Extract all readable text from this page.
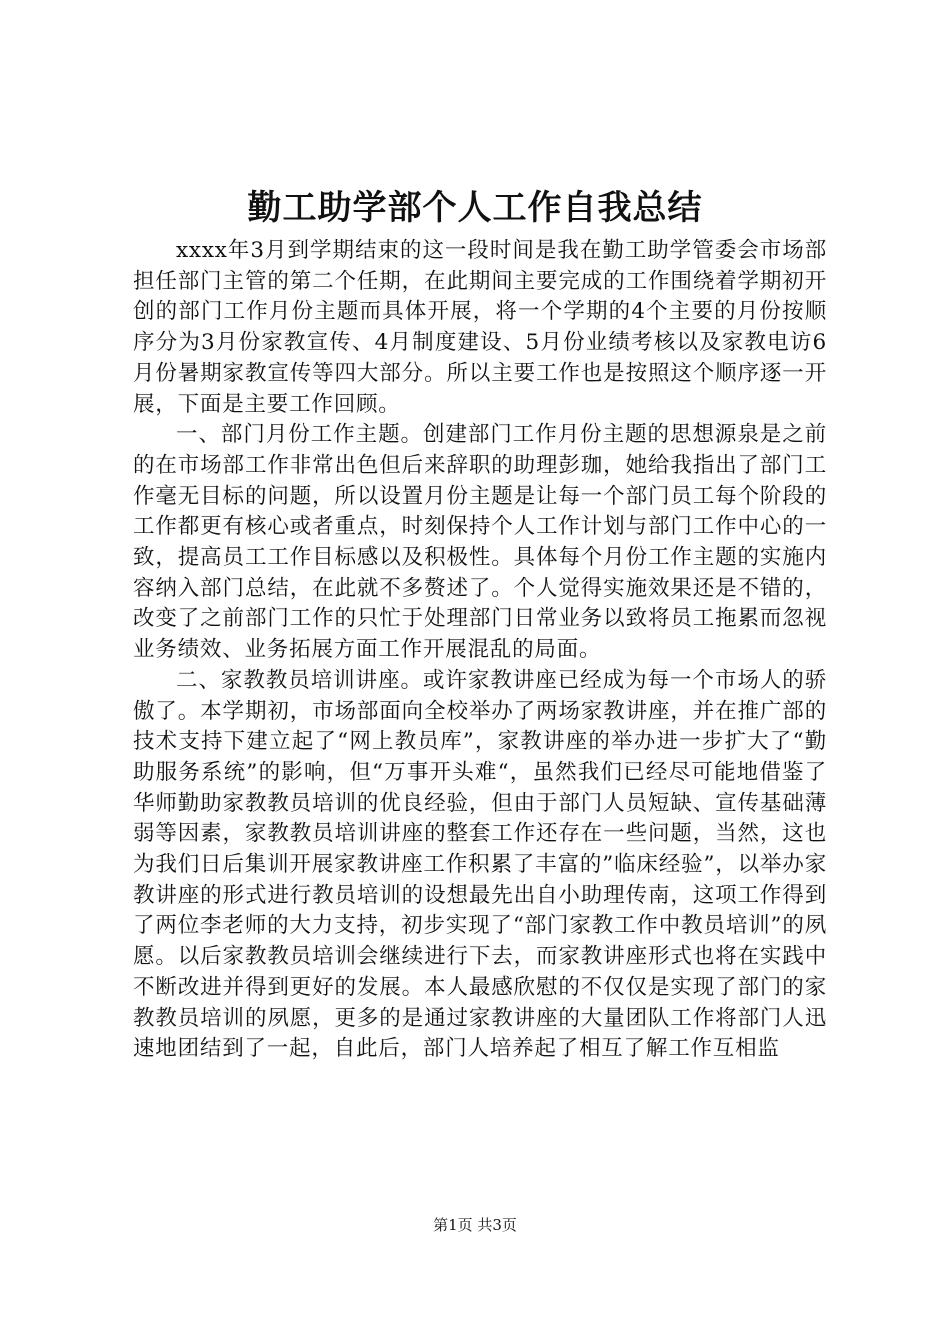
勤工助学部个人工作自我总结

xxxx年3月到学期结束的这一段时间是我在勤工助学管委会市场部担任部门主管的第二个任期，在此期间主要完成的工作围绕着学期初开创的部门工作月份主题而具体开展，将一个学期的4个主要的月份按顺序分为3月份家教宣传、4月制度建设、5月份业绩考核以及家教电访6月份暑期家教宣传等四大部分。所以主要工作也是按照这个顺序逐一开展，下面是主要工作回顾。

一、部门月份工作主题。创建部门工作月份主题的思想源泉是之前的在市场部工作非常出色但后来辞职的助理彭珈，她给我指出了部门工作毫无目标的问题，所以设置月份主题是让每一个部门员工每个阶段的工作都更有核心或者重点，时刻保持个人工作计划与部门工作中心的一致，提高员工工作目标感以及积极性。具体每个月份工作主题的实施内容纳入部门总结，在此就不多赘述了。个人觉得实施效果还是不错的，改变了之前部门工作的只忙于处理部门日常业务以致将员工拖累而忽视业务绩效、业务拓展方面工作开展混乱的局面。

二、家教教员培训讲座。或许家教讲座已经成为每一个市场人的骄傲了。本学期初，市场部面向全校举办了两场家教讲座，并在推广部的技术支持下建立起了“网上教员库”，家教讲座的举办进一步扩大了“勤助服务系统”的影响，但“万事开头难“，虽然我们已经尽可能地借鉴了华师勤助家教教员培训的优良经验，但由于部门人员短缺、宣传基础薄弱等因素，家教教员培训讲座的整套工作还存在一些问题，当然，这也为我们日后集训开展家教讲座工作积累了丰富的”临床经验”，以举办家教讲座的形式进行教员培训的设想最先出自小助理传南，这项工作得到了两位李老师的大力支持，初步实现了“部门家教工作中教员培训”的夙愿。以后家教教员培训会继续进行下去，而家教讲座形式也将在实践中不断改进并得到更好的发展。本人最感欣慰的不仅仅是实现了部门的家教教员培训的夙愿，更多的是通过家教讲座的大量团队工作将部门人迅速地团结到了一起，自此后，部门人培养起了相互了解工作互相监

第1页 共3页
